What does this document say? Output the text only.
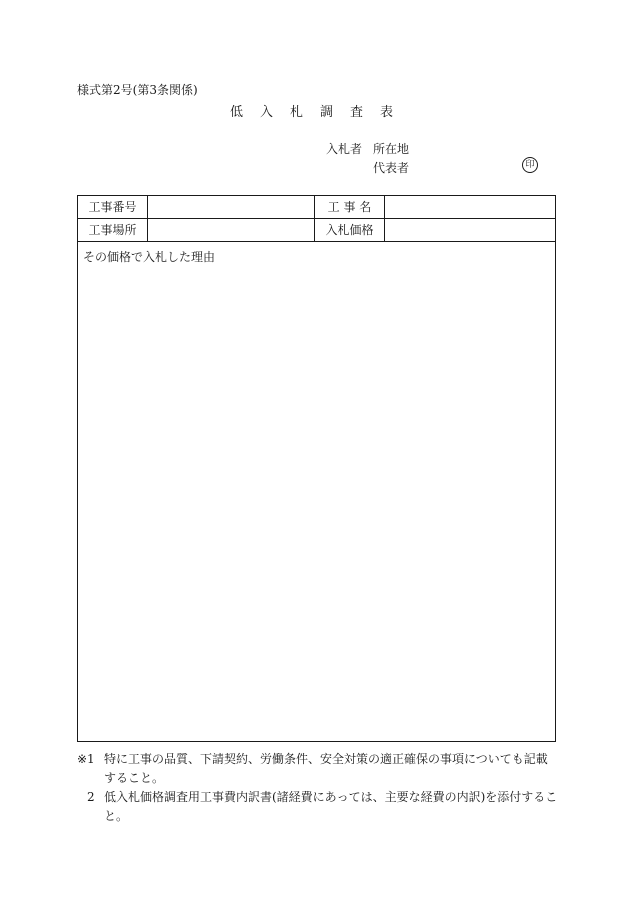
様式第2号(第3条関係)
低入札調査表
入札者 所在地
代表者	印
工事番号	工 事 名
工事場所	入札価格
その価格で入札した理由
※1 特に工事の品質、下請契約、労働条件、安全対策の適正確保の事項についても記載すること。
2 低入札価格調査用工事費内訳書(諸経費にあっては、主要な経費の内訳)を添付すること。
